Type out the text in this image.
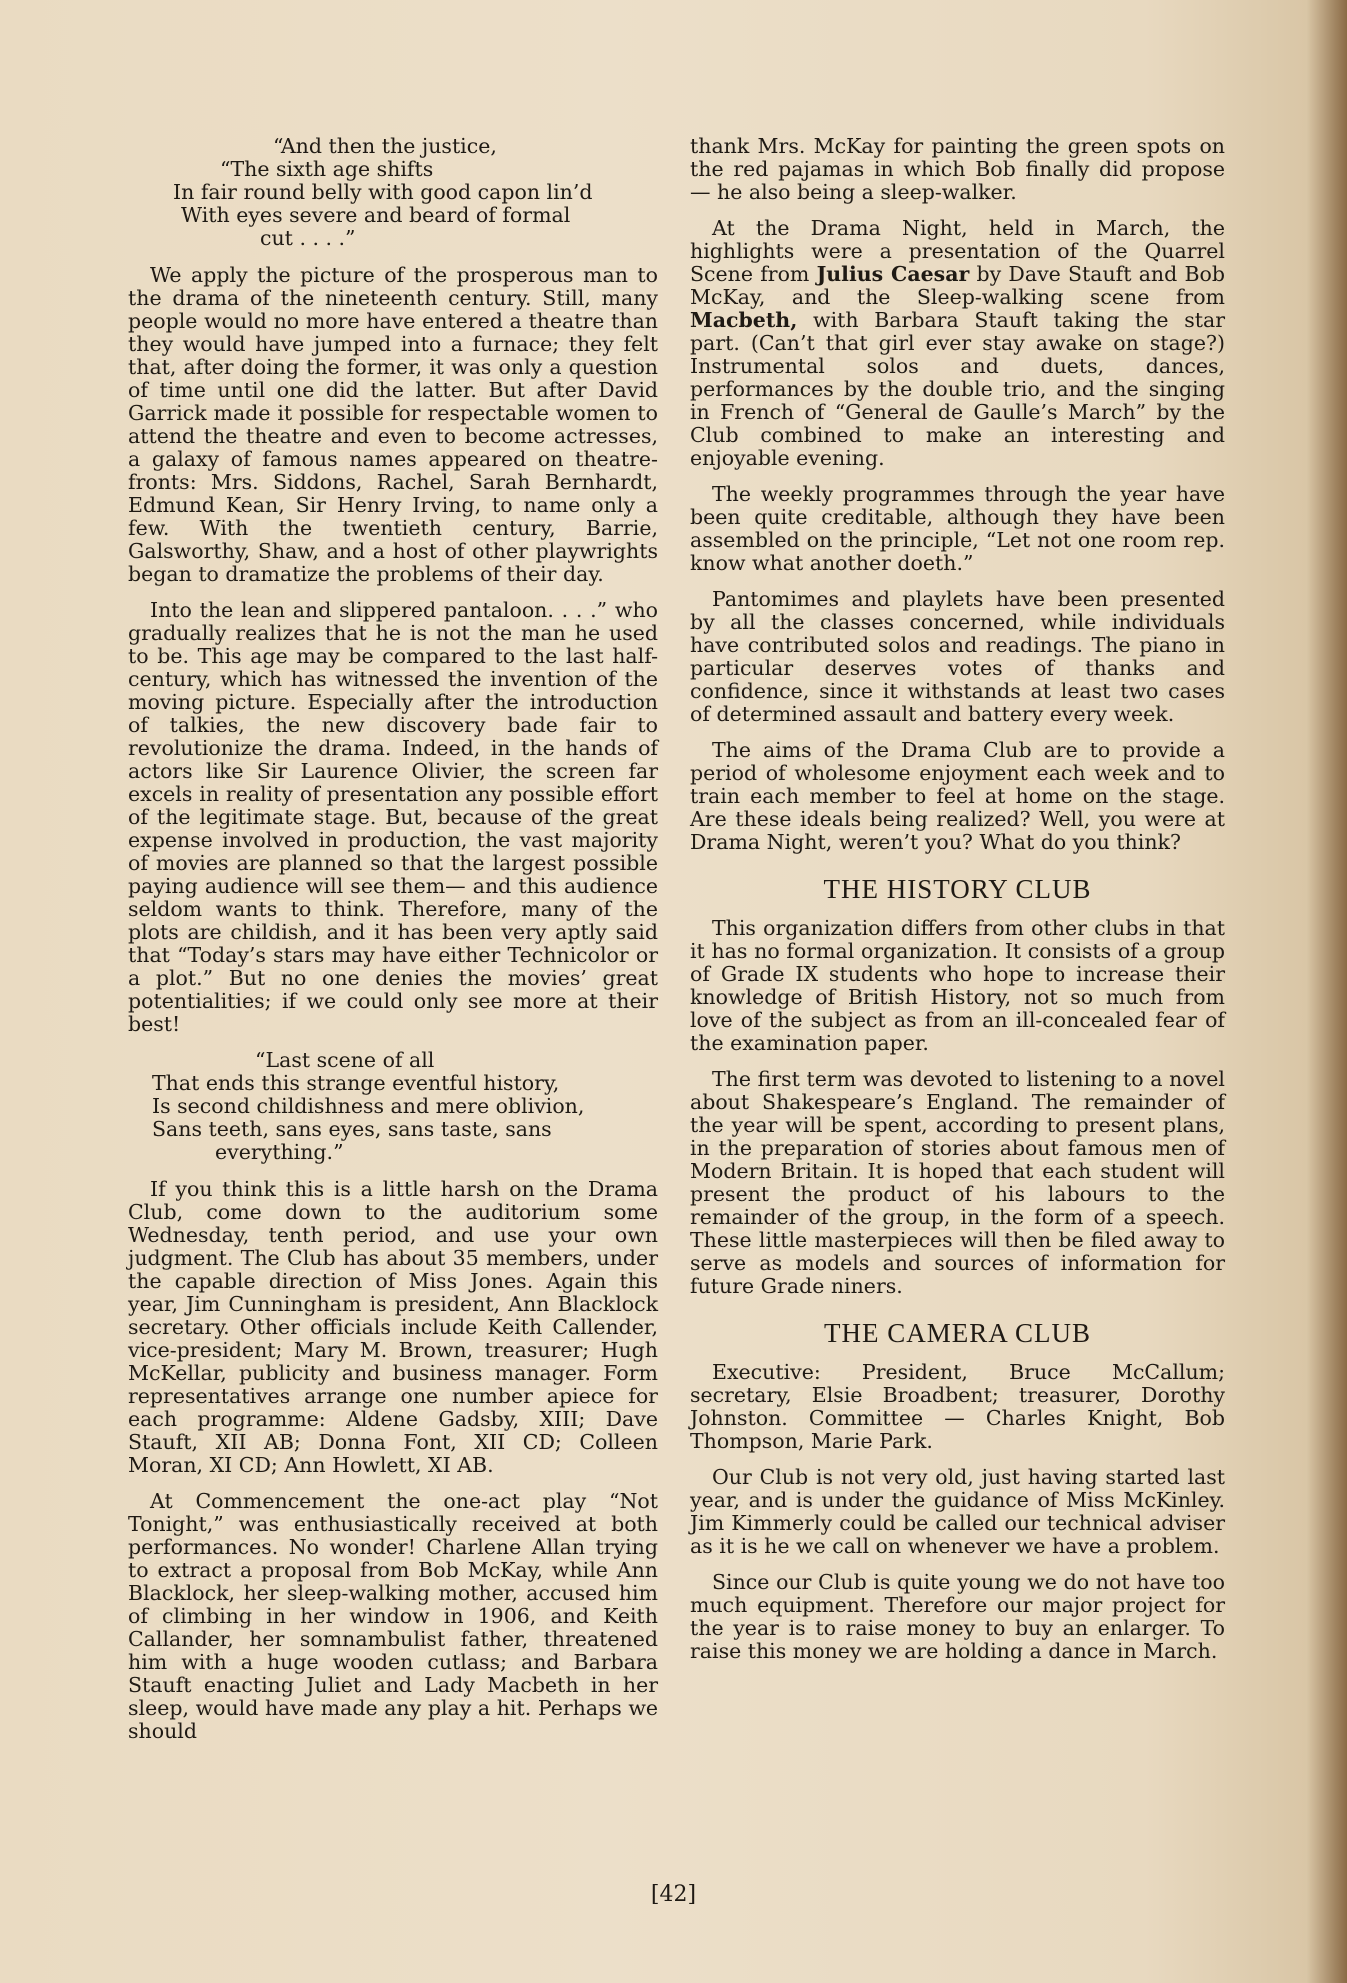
“And then the justice,
“The sixth age shifts
In fair round belly with good capon lin’d
With eyes severe and beard of formal
cut . . . .”

We apply the picture of the prosperous man to the drama of the nineteenth century. Still, many people would no more have entered a theatre than they would have jumped into a furnace; they felt that, after doing the former, it was only a question of time until one did the latter. But after David Garrick made it possible for respectable women to attend the theatre and even to become actresses, a galaxy of famous names appeared on theatre-fronts: Mrs. Siddons, Rachel, Sarah Bernhardt, Edmund Kean, Sir Henry Irving, to name only a few. With the twentieth century, Barrie, Galsworthy, Shaw, and a host of other playwrights began to dramatize the problems of their day.

Into the lean and slippered pantaloon. . . .” who gradually realizes that he is not the man he used to be. This age may be compared to the last half-century, which has witnessed the invention of the moving picture. Especially after the introduction of talkies, the new discovery bade fair to revolutionize the drama. Indeed, in the hands of actors like Sir Laurence Olivier, the screen far excels in reality of presentation any possible effort of the legitimate stage. But, because of the great expense involved in production, the vast majority of movies are planned so that the largest possible paying audience will see them— and this audience seldom wants to think. Therefore, many of the plots are childish, and it has been very aptly said that “Today’s stars may have either Technicolor or a plot.” But no one denies the movies’ great potentialities; if we could only see more at their best!

“Last scene of all
That ends this strange eventful history,
Is second childishness and mere oblivion,
Sans teeth, sans eyes, sans taste, sans
everything.”

If you think this is a little harsh on the Drama Club, come down to the auditorium some Wednesday, tenth period, and use your own judgment. The Club has about 35 members, under the capable direction of Miss Jones. Again this year, Jim Cunningham is president, Ann Blacklock secretary. Other officials include Keith Callender, vice-president; Mary M. Brown, treasurer; Hugh McKellar, publicity and business manager. Form representatives arrange one number apiece for each programme: Aldene Gadsby, XIII; Dave Stauft, XII AB; Donna Font, XII CD; Colleen Moran, XI CD; Ann Howlett, XI AB.

At Commencement the one-act play “Not Tonight,” was enthusiastically received at both performances. No wonder! Charlene Allan trying to extract a proposal from Bob McKay, while Ann Blacklock, her sleep-walking mother, accused him of climbing in her window in 1906, and Keith Callander, her somnambulist father, threatened him with a huge wooden cutlass; and Barbara Stauft enacting Juliet and Lady Macbeth in her sleep, would have made any play a hit. Perhaps we should

thank Mrs. McKay for painting the green spots on the red pajamas in which Bob finally did propose — he also being a sleep-walker.

At the Drama Night, held in March, the highlights were a presentation of the Quarrel Scene from Julius Caesar by Dave Stauft and Bob McKay, and the Sleep-walking scene from Macbeth, with Barbara Stauft taking the star part. (Can’t that girl ever stay awake on stage?) Instrumental solos and duets, dances, performances by the double trio, and the singing in French of “General de Gaulle’s March” by the Club combined to make an interesting and enjoyable evening.

The weekly programmes through the year have been quite creditable, although they have been assembled on the principle, “Let not one room rep. know what another doeth.”

Pantomimes and playlets have been presented by all the classes concerned, while individuals have contributed solos and readings. The piano in particular deserves votes of thanks and confidence, since it withstands at least two cases of determined assault and battery every week.

The aims of the Drama Club are to provide a period of wholesome enjoyment each week and to train each member to feel at home on the stage. Are these ideals being realized? Well, you were at Drama Night, weren’t you? What do you think?

THE HISTORY CLUB

This organization differs from other clubs in that it has no formal organization. It consists of a group of Grade IX students who hope to increase their knowledge of British History, not so much from love of the subject as from an ill-concealed fear of the examination paper.

The first term was devoted to listening to a novel about Shakespeare’s England. The remainder of the year will be spent, according to present plans, in the preparation of stories about famous men of Modern Britain. It is hoped that each student will present the product of his labours to the remainder of the group, in the form of a speech. These little masterpieces will then be filed away to serve as models and sources of information for future Grade niners.

THE CAMERA CLUB

Executive: President, Bruce McCallum; secretary, Elsie Broadbent; treasurer, Dorothy Johnston. Committee — Charles Knight, Bob Thompson, Marie Park.

Our Club is not very old, just having started last year, and is under the guidance of Miss McKinley. Jim Kimmerly could be called our technical adviser as it is he we call on whenever we have a problem.

Since our Club is quite young we do not have too much equipment. Therefore our major project for the year is to raise money to buy an enlarger. To raise this money we are holding a dance in March.

[42]
